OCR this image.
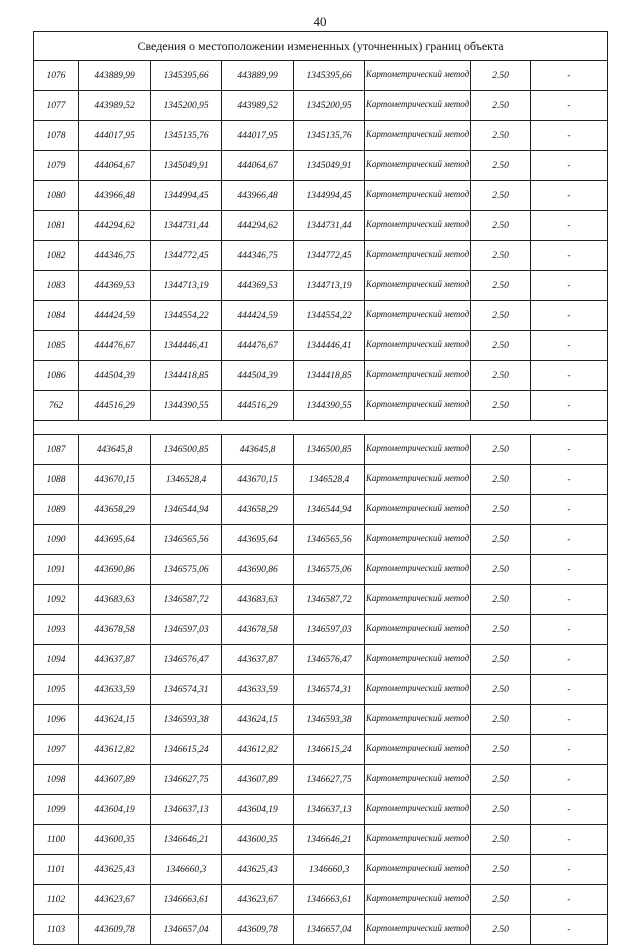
40
Сведения о местоположении измененных (уточненных) границ объекта							
1076	443889,99	1345395,66	443889,99	1345395,66	Картометрический метод	2.50	-
1077	443989,52	1345200,95	443989,52	1345200,95	Картометрический метод	2.50	-
1078	444017,95	1345135,76	444017,95	1345135,76	Картометрический метод	2.50	-
1079	444064,67	1345049,91	444064,67	1345049,91	Картометрический метод	2.50	-
1080	443966,48	1344994,45	443966,48	1344994,45	Картометрический метод	2.50	-
1081	444294,62	1344731,44	444294,62	1344731,44	Картометрический метод	2.50	-
1082	444346,75	1344772,45	444346,75	1344772,45	Картометрический метод	2.50	-
1083	444369,53	1344713,19	444369,53	1344713,19	Картометрический метод	2.50	-
1084	444424,59	1344554,22	444424,59	1344554,22	Картометрический метод	2.50	-
1085	444476,67	1344446,41	444476,67	1344446,41	Картометрический метод	2.50	-
1086	444504,39	1344418,85	444504,39	1344418,85	Картометрический метод	2.50	-
762	444516,29	1344390,55	444516,29	1344390,55	Картометрический метод	2.50	-

1087	443645,8	1346500,85	443645,8	1346500,85	Картометрический метод	2.50	-
1088	443670,15	1346528,4	443670,15	1346528,4	Картометрический метод	2.50	-
1089	443658,29	1346544,94	443658,29	1346544,94	Картометрический метод	2.50	-
1090	443695,64	1346565,56	443695,64	1346565,56	Картометрический метод	2.50	-
1091	443690,86	1346575,06	443690,86	1346575,06	Картометрический метод	2.50	-
1092	443683,63	1346587,72	443683,63	1346587,72	Картометрический метод	2.50	-
1093	443678,58	1346597,03	443678,58	1346597,03	Картометрический метод	2.50	-
1094	443637,87	1346576,47	443637,87	1346576,47	Картометрический метод	2.50	-
1095	443633,59	1346574,31	443633,59	1346574,31	Картометрический метод	2.50	-
1096	443624,15	1346593,38	443624,15	1346593,38	Картометрический метод	2.50	-
1097	443612,82	1346615,24	443612,82	1346615,24	Картометрический метод	2.50	-
1098	443607,89	1346627,75	443607,89	1346627,75	Картометрический метод	2.50	-
1099	443604,19	1346637,13	443604,19	1346637,13	Картометрический метод	2.50	-
1100	443600,35	1346646,21	443600,35	1346646,21	Картометрический метод	2.50	-
1101	443625,43	1346660,3	443625,43	1346660,3	Картометрический метод	2.50	-
1102	443623,67	1346663,61	443623,67	1346663,61	Картометрический метод	2.50	-
1103	443609,78	1346657,04	443609,78	1346657,04	Картометрический метод	2.50	-
